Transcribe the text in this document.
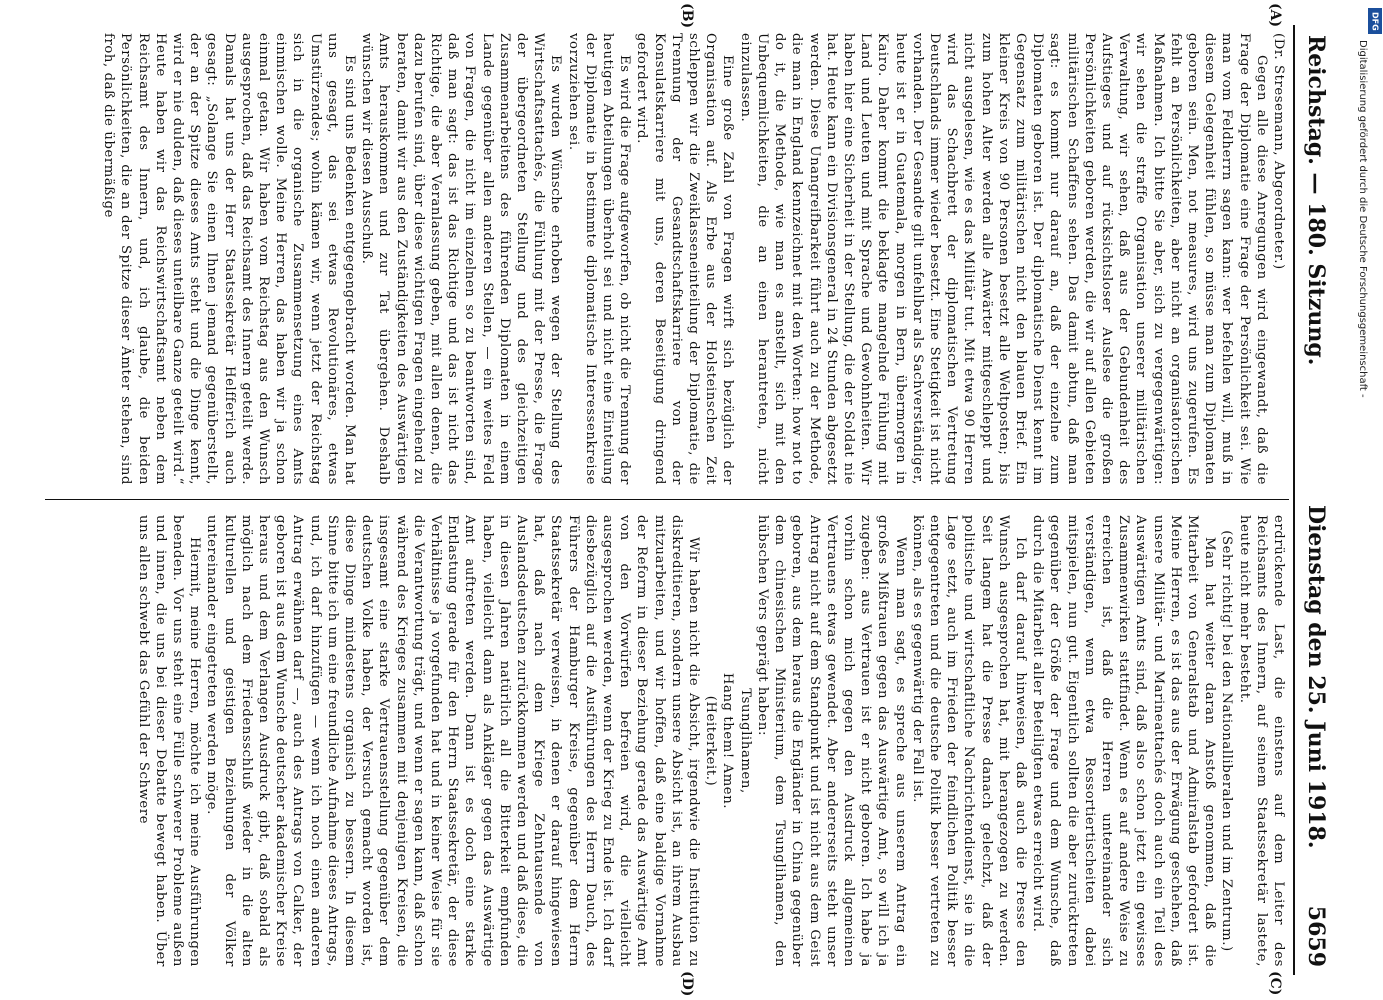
Reichstag. — 180. Sitzung.
Dienstag den 25. Juni 1918.
5659
(A)
(B)
(C)
(D)

(Dr. Stresemann, Abgeordneter.)

Gegen alle diese Anregungen wird eingewandt, daß die Frage der Diplomatie eine Frage der Persönlichkeit sei. Wie man vom Feldherrn sagen kann: wer befehlen will, muß in diesem Gelegenheit fühlen, so müsse man zum Diplomaten geboren sein. Men, not measures, wird uns zugerufen. Es fehlt an Persönlichkeiten, aber nicht an organisatorischen Maßnahmen. Ich bitte Sie aber, sich zu vergegenwärtigen: wir sehen die straffe Organisation unserer militärischen Verwaltung, wir sehen, daß aus der Gebundenheit des Aufstieges und auf rücksichtsloser Auslese die großen Persönlichkeiten geboren werden, die wir auf allen Gebieten militärischen Schaffens sehen. Das damit abtun, daß man sagt: es kommt nur darauf an, daß der einzelne zum Diplomaten geboren ist. Der diplomatische Dienst kennt im Gegensatz zum militärischen nicht den blauen Brief. Ein kleiner Kreis von 90 Personen besetzt alle Weltposten; bis zum hohen Alter werden alle Anwärter mitgeschleppt und nicht ausgelesen, wie es das Militär tut. Mit etwa 90 Herren wird das Schachbrett der diplomatischen Vertretung Deutschlands immer wieder besetzt. Eine Stetigkeit ist nicht vorhanden. Der Gesandte gilt unfehlbar als Sachverständiger, heute ist er in Guatemala, morgen in Bern, übermorgen in Kairo. Daher kommt die beklagte mangelnde Fühlung mit Land und Leuten und mit Sprache und Gewohnheiten. Wir haben hier eine Sicherheit in der Stellung, die der Soldat nie hat. Heute kann ein Divisionsgeneral in 24 Stunden abgesetzt werden. Diese Unangreifbarkeit führt auch zu der Methode, die man in England kennzeichnet mit den Worten: how not to do it, die Methode, wie man es anstellt, sich mit den Unbequemlichkeiten, die an einen herantreten, nicht einzulassen.

Eine große Zahl von Fragen wirft sich bezüglich der Organisation auf. Als Erbe aus der Holsteinschen Zeit schleppen wir die Zweiklasseneinteilung der Diplomatie, die Trennung der Gesandtschaftskarriere von der Konsulatskarriere mit uns, deren Beseitigung dringend gefordert wird.

Es wird die Frage aufgeworfen, ob nicht die Trennung der heutigen Abteilungen überholt sei und nicht eine Einteilung der Diplomatie in bestimmte diplomatische Interessenkreise vorzuziehen sei.

Es wurden Wünsche erhoben wegen der Stellung des Wirtschaftsattachés, die Fühlung mit der Presse, die Frage der übergeordneten Stellung und des gleichzeitigen Zusammenarbeitens des führenden Diplomaten in einem Lande gegenüber allen anderen Stellen, — ein weites Feld von Fragen, die nicht im einzelnen so zu beantworten sind, daß man sagt: das ist das Richtige und das ist nicht das Richtige, die aber Veranlassung geben, mit allen denen, die dazu berufen sind, über diese wichtigen Fragen eingehend zu beraten, damit wir aus den Zuständigkeiten des Auswärtigen Amts herauskommen und zur Tat übergehen. Deshalb wünschen wir diesen Ausschuß.

Es sind uns Bedenken entgegengebracht worden. Man hat uns gesagt, das sei etwas Revolutionäres, etwas Umstürzendes; wohin kämen wir, wenn jetzt der Reichstag sich in die organische Zusammensetzung eines Amts einmischen wolle. Meine Herren, das haben wir ja schon einmal getan. Wir haben vom Reichstag aus den Wunsch ausgesprochen, daß das Reichsamt des Innern geteilt werde. Damals hat uns der Herr Staatssekretär Helfferich auch gesagt: „Solange Sie einen Ihnen jemand gegenüberstellt, der an der Spitze dieses Amts steht und die Dinge kennt, wird er nie dulden, daß dieses unteilbare Ganze geteilt wird.“ Heute haben wir das Reichswirtschaftsamt neben dem Reichsamt des Innern, und, ich glaube, die beiden Persönlichkeiten, die an der Spitze dieser Ämter stehen, sind froh, daß die übermäßige

erdrückende Last, die einstens auf dem Leiter des Reichsamts des Innern, auf seinem Staatssekretär lastete, heute nicht mehr besteht.

(Sehr richtig! bei den Nationalliberalen und im Zentrum.)

Man hat weiter daran Anstoß genommen, daß die Mitarbeit von Generalstab und Admiralstab gefordert ist. Meine Herren, es ist das aus der Erwägung geschehen, daß unsere Militär- und Marineattachés doch auch ein Teil des Auswärtigen Amts sind, daß also schon jetzt ein gewisses Zusammenwirken stattfindet. Wenn es auf andere Weise zu erreichen ist, daß die Herren untereinander sich verständigen, wenn etwa Ressortiertischeiten dabei mitspielen, nun gut. Eigentlich sollten die aber zurücktreten gegenüber der Größe der Frage und dem Wunsche, daß durch die Mitarbeit aller Beteiligten etwas erreicht wird.

Ich darf darauf hinweisen, daß auch die Presse den Wunsch ausgesprochen hat, mit herangezogen zu werden. Seit langem hat die Presse danach gelechzt, daß der politische und wirtschaftliche Nachrichtendienst, sie in die Lage setzt, auch im Frieden der feindlichen Politik besser entgegentreten und die deutsche Politik besser vertreten zu können, als es gegenwärtig der Fall ist.

Wenn man sagt, es spreche aus unserem Antrag ein großes Mißtrauen gegen das Auswärtige Amt, so will ich ja zugeben: aus Vertrauen ist er nicht geboren. Ich habe ja vorhin schon mich gegen den Ausdruck allgemeinen Vertrauens etwas gewendet. Aber andererseits steht unser Antrag nicht auf dem Standpunkt und ist nicht aus dem Geist geboren, aus dem heraus die Engländer in China gegenüber dem chinesischen Ministerium, dem Tsunglihamen, den hübschen Vers geprägt haben:

Tsunglihamen,

Hang them! Amen.

(Heiterkeit.)

Wir haben nicht die Absicht, irgendwie die Institution zu diskreditieren, sondern unsere Absicht ist, an ihrem Ausbau mitzuarbeiten, und wir hoffen, daß eine baldige Vornahme der Reform in dieser Beziehung gerade das Auswärtige Amt von den Vorwürfen befreien wird, die vielleicht ausgesprochen werden, wenn der Krieg zu Ende ist. Ich darf diesbezüglich auf die Ausführungen des Herrn Dauch, des Führers der Hamburger Kreise, gegenüber dem Herrn Staatssekretär verweisen, in denen er darauf hingewiesen hat, daß nach dem Kriege Zehntausende von Auslandsdeutschen zurückkommen werden und daß diese, die in diesen Jahren natürlich all die Bitterkeit empfunden haben, vielleicht dann als Ankläger gegen das Auswärtige Amt auftreten werden. Dann ist es doch eine starke Entlastung gerade für den Herrn Staatssekretär, der diese Verhältnisse ja vorgefunden hat und in keiner Weise für sie die Verantwortung trägt, und wenn er sagen kann, daß schon während des Krieges zusammen mit denjenigen Kreisen, die insgesamt eine starke Vertrauensstellung gegenüber dem deutschen Volke haben, der Versuch gemacht worden ist, diese Dinge mindestens organisch zu bessern. In diesem Sinne bitte ich um eine freundliche Aufnahme dieses Antrags, und, ich darf hinzufügen — wenn ich noch einen anderen Antrag erwähnen darf —, auch des Antrags von Calker, der geboren ist aus dem Wunsche deutscher akademischer Kreise heraus und dem Verlangen Ausdruck gibt, daß sobald als möglich nach dem Friedensschluß wieder in die alten kulturellen und geistigen Beziehungen der Völker untereinander eingetreten werden möge.

Hiermit, meine Herren, möchte ich meine Ausführungen beenden. Vor uns steht eine Fülle schwerer Probleme außen und innen, die uns bei dieser Debatte bewegt haben. Über uns allen schwebt das Gefühl der Schwere

DFG
Digitalisierung gefördert durch die Deutsche Forschungsgemeinschaft -
